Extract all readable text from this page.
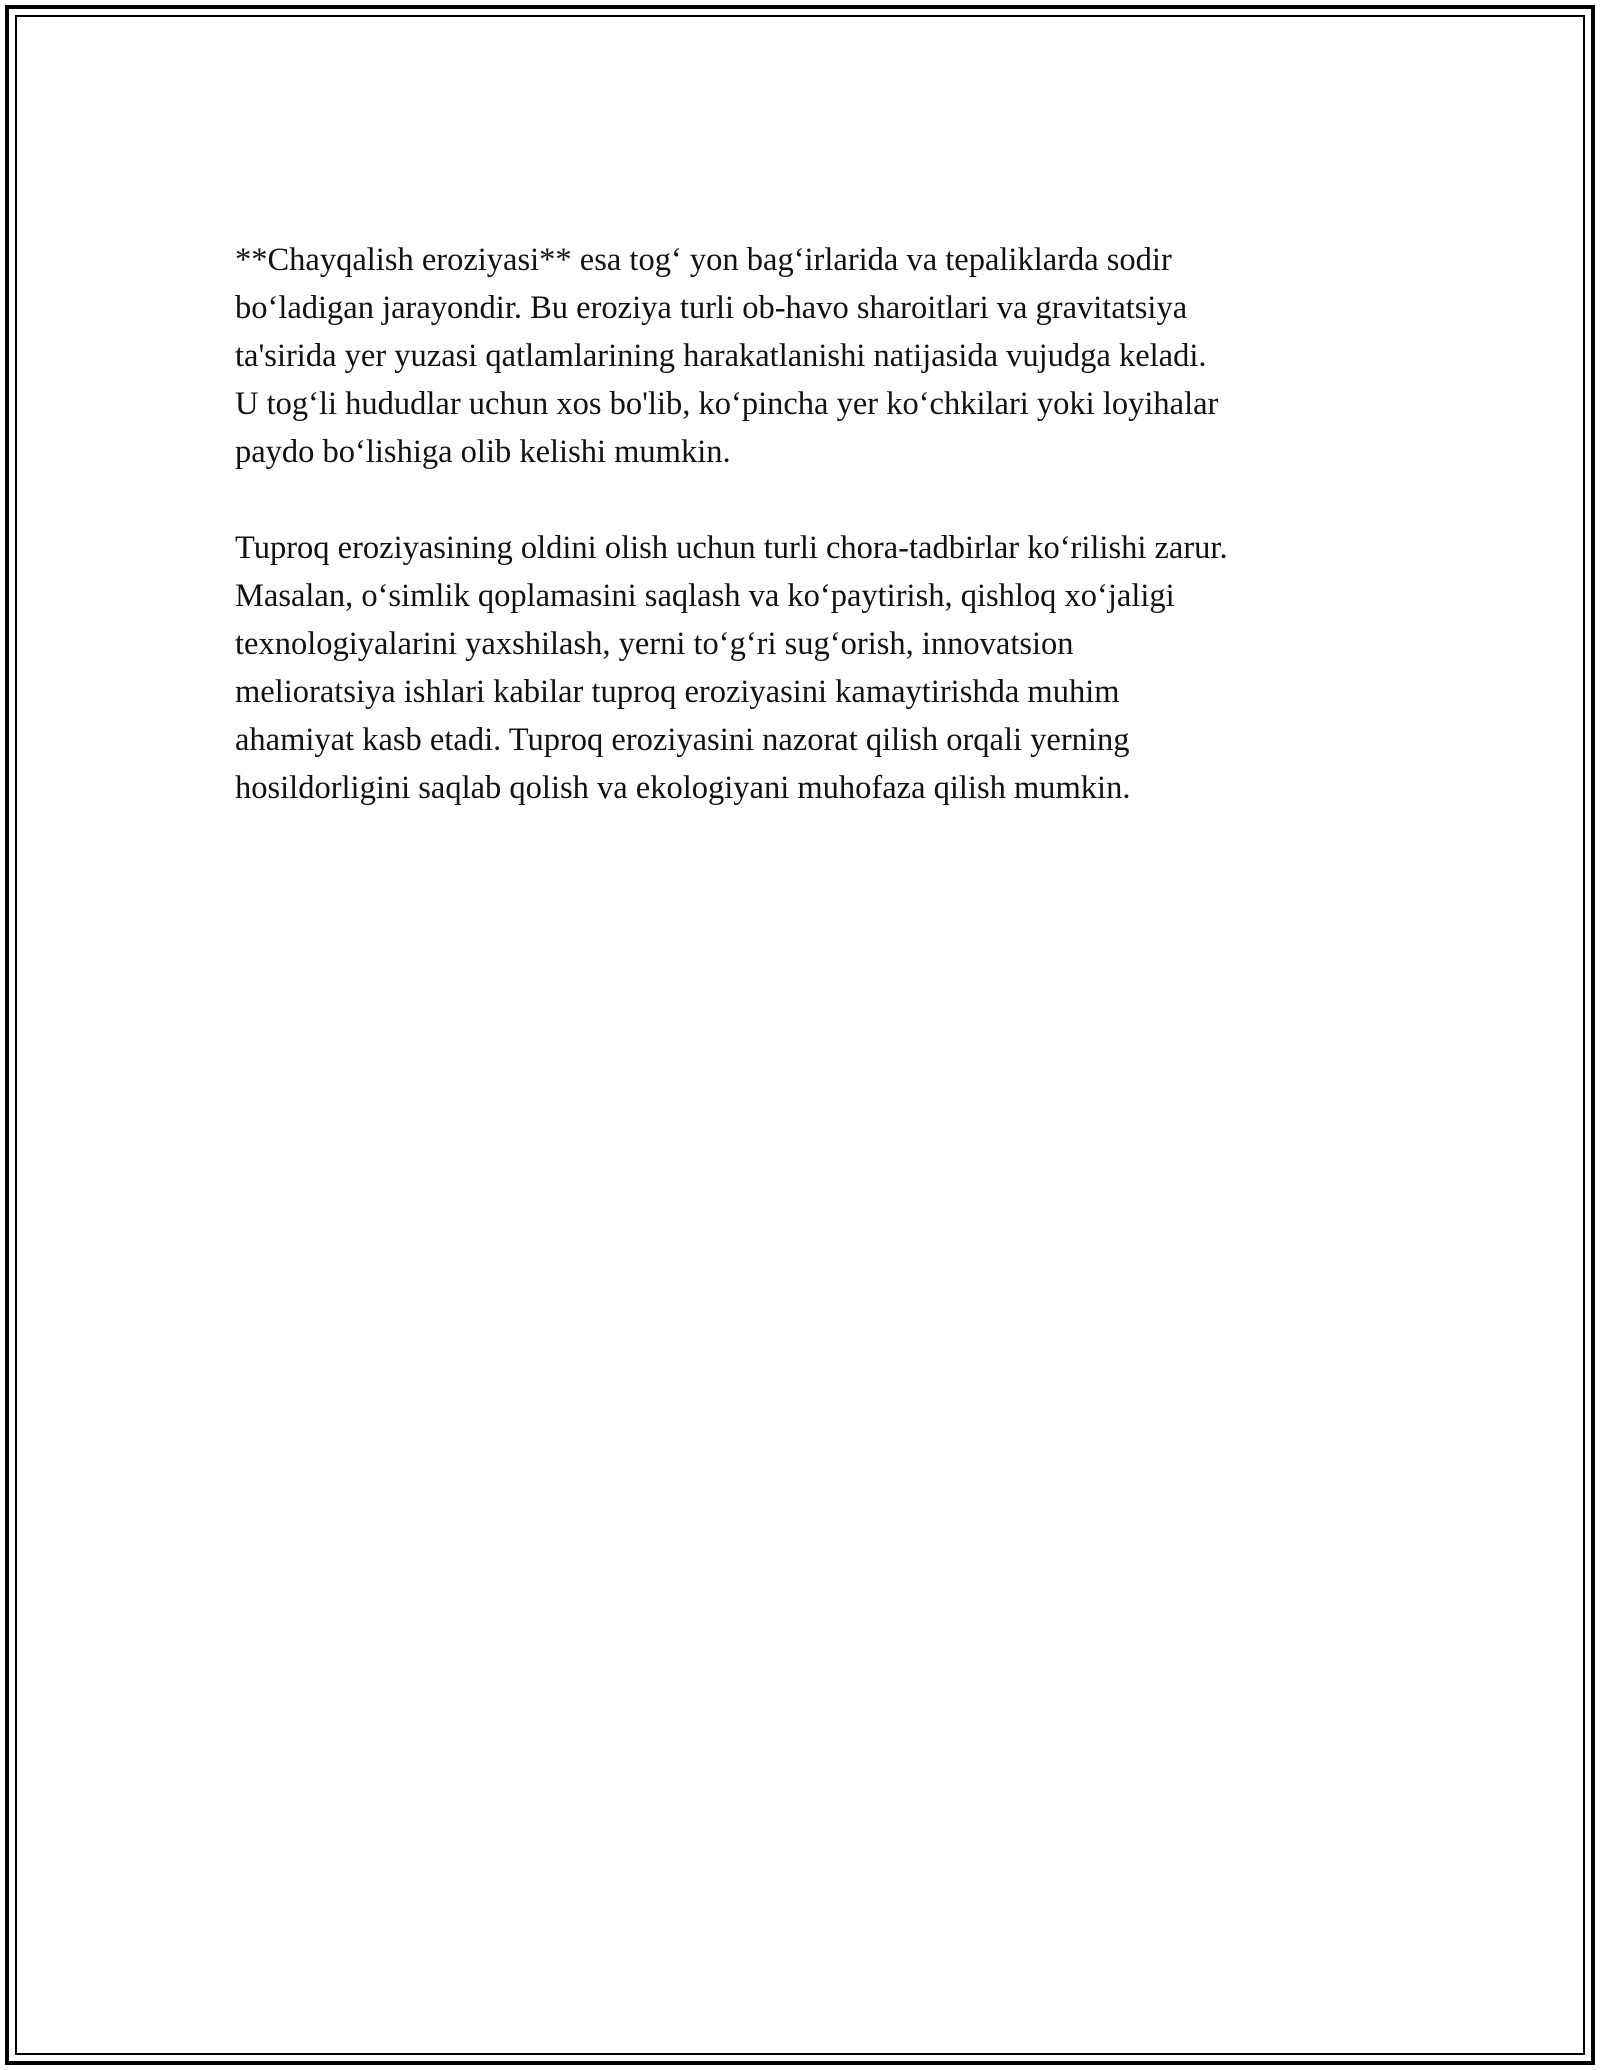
**Chayqalish eroziyasi** esa tog‘ yon bag‘irlarida va tepaliklarda sodir

bo‘ladigan jarayondir. Bu eroziya turli ob-havo sharoitlari va gravitatsiya

ta'sirida yer yuzasi qatlamlarining harakatlanishi natijasida vujudga keladi.

U tog‘li hududlar uchun xos bo'lib, ko‘pincha yer ko‘chkilari yoki loyihalar

paydo bo‘lishiga olib kelishi mumkin.

Tuproq eroziyasining oldini olish uchun turli chora-tadbirlar ko‘rilishi zarur.

Masalan, o‘simlik qoplamasini saqlash va ko‘paytirish, qishloq xo‘jaligi

texnologiyalarini yaxshilash, yerni to‘g‘ri sug‘orish, innovatsion

melioratsiya ishlari kabilar tuproq eroziyasini kamaytirishda muhim

ahamiyat kasb etadi. Tuproq eroziyasini nazorat qilish orqali yerning

hosildorligini saqlab qolish va ekologiyani muhofaza qilish mumkin.
